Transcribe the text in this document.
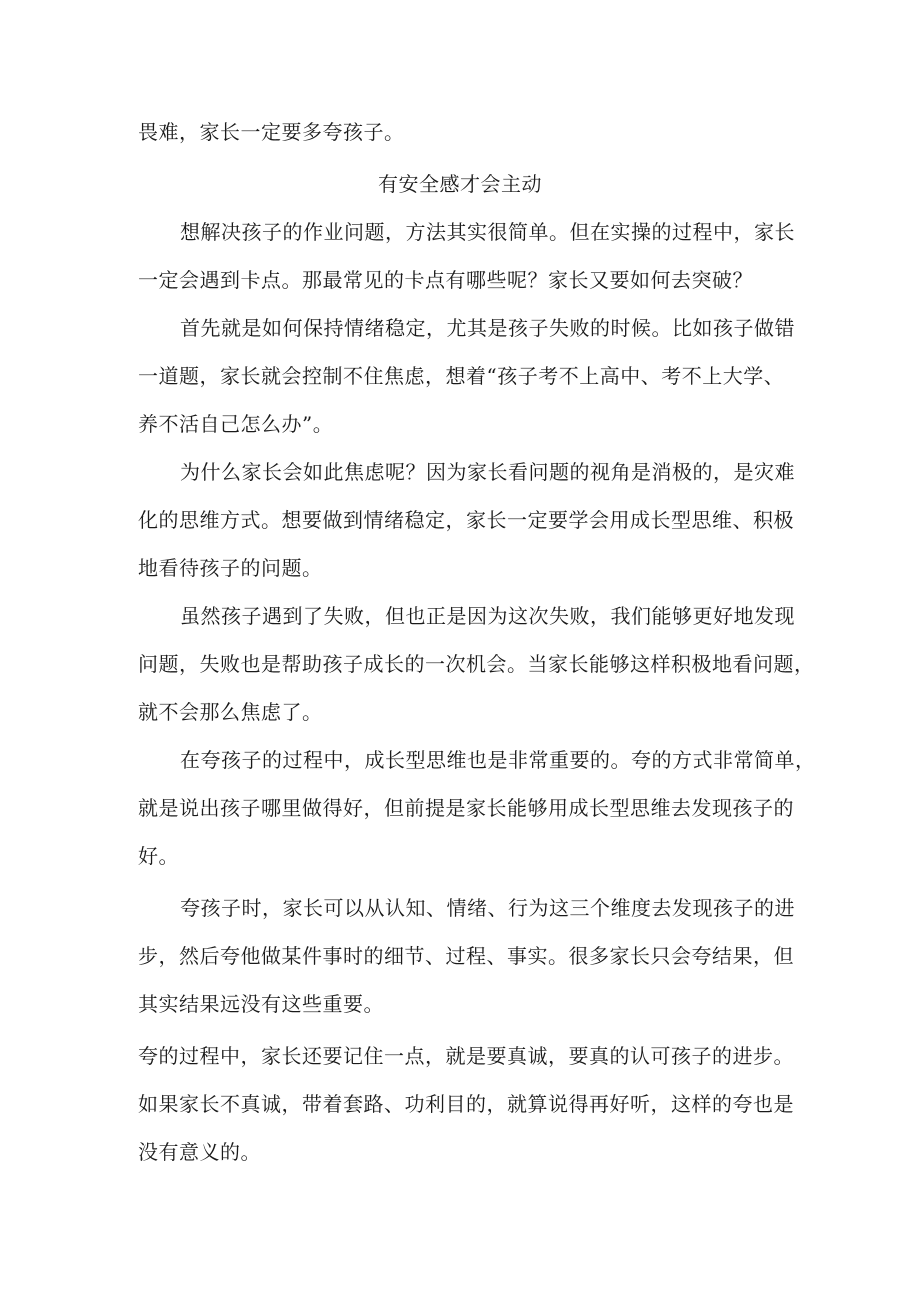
畏难，家长一定要多夸孩子。

有安全感才会主动

想解决孩子的作业问题，方法其实很简单。但在实操的过程中，家长

一定会遇到卡点。那最常见的卡点有哪些呢？家长又要如何去突破？

首先就是如何保持情绪稳定，尤其是孩子失败的时候。比如孩子做错

一道题，家长就会控制不住焦虑，想着“孩子考不上高中、考不上大学、

养不活自己怎么办”。

为什么家长会如此焦虑呢？因为家长看问题的视角是消极的，是灾难

化的思维方式。想要做到情绪稳定，家长一定要学会用成长型思维、积极

地看待孩子的问题。

虽然孩子遇到了失败，但也正是因为这次失败，我们能够更好地发现

问题，失败也是帮助孩子成长的一次机会。当家长能够这样积极地看问题，

就不会那么焦虑了。

在夸孩子的过程中，成长型思维也是非常重要的。夸的方式非常简单，

就是说出孩子哪里做得好，但前提是家长能够用成长型思维去发现孩子的

好。

夸孩子时，家长可以从认知、情绪、行为这三个维度去发现孩子的进

步，然后夸他做某件事时的细节、过程、事实。很多家长只会夸结果，但

其实结果远没有这些重要。

夸的过程中，家长还要记住一点，就是要真诚，要真的认可孩子的进步。

如果家长不真诚，带着套路、功利目的，就算说得再好听，这样的夸也是

没有意义的。
